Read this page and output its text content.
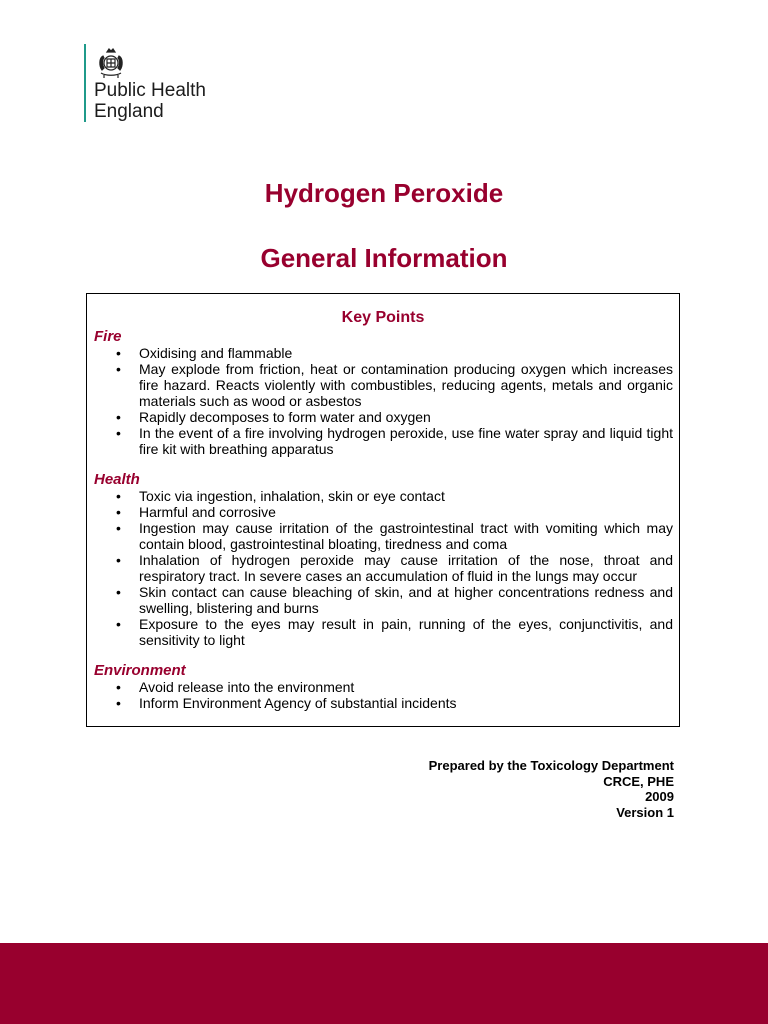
Public Health
England
Hydrogen Peroxide
General Information
Key Points
Fire
• Oxidising and flammable
• May explode from friction, heat or contamination producing oxygen which increases fire hazard. Reacts violently with combustibles, reducing agents, metals and organic materials such as wood or asbestos
• Rapidly decomposes to form water and oxygen
• In the event of a fire involving hydrogen peroxide, use fine water spray and liquid tight fire kit with breathing apparatus
Health
• Toxic via ingestion, inhalation, skin or eye contact
• Harmful and corrosive
• Ingestion may cause irritation of the gastrointestinal tract with vomiting which may contain blood, gastrointestinal bloating, tiredness and coma
• Inhalation of hydrogen peroxide may cause irritation of the nose, throat and respiratory tract. In severe cases an accumulation of fluid in the lungs may occur
• Skin contact can cause bleaching of skin, and at higher concentrations redness and swelling, blistering and burns
• Exposure to the eyes may result in pain, running of the eyes, conjunctivitis, and sensitivity to light
Environment
• Avoid release into the environment
• Inform Environment Agency of substantial incidents
Prepared by the Toxicology Department
CRCE, PHE
2009
Version 1
